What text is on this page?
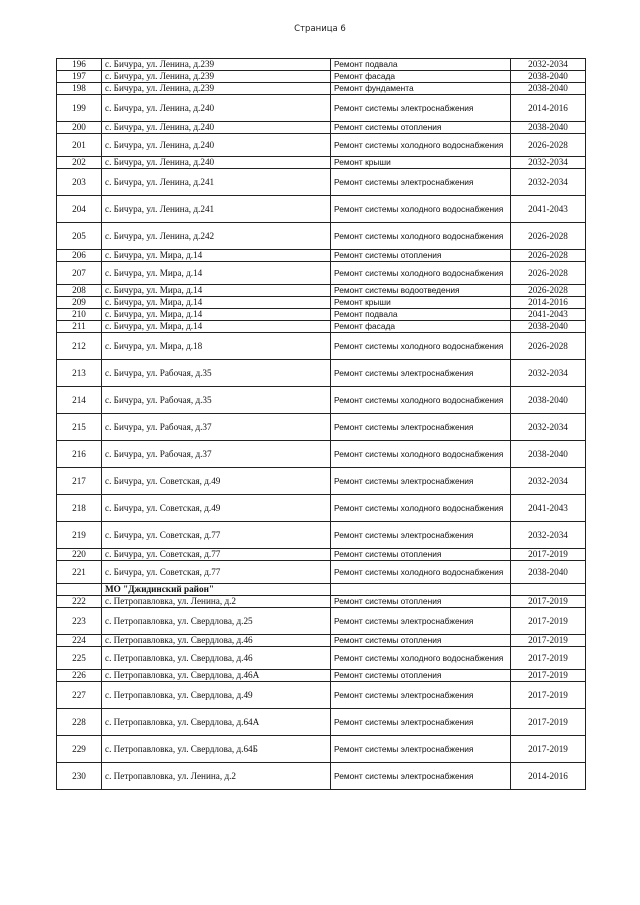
Страница 6
196	с. Бичура, ул. Ленина, д.239	Ремонт подвала	2032-2034
197	с. Бичура, ул. Ленина, д.239	Ремонт фасада	2038-2040
198	с. Бичура, ул. Ленина, д.239	Ремонт фундамента	2038-2040
199	с. Бичура, ул. Ленина, д.240	Ремонт системы электроснабжения	2014-2016
200	с. Бичура, ул. Ленина, д.240	Ремонт системы отопления	2038-2040
201	с. Бичура, ул. Ленина, д.240	Ремонт системы холодного водоснабжения	2026-2028
202	с. Бичура, ул. Ленина, д.240	Ремонт крыши	2032-2034
203	с. Бичура, ул. Ленина, д.241	Ремонт системы электроснабжения	2032-2034
204	с. Бичура, ул. Ленина, д.241	Ремонт системы холодного водоснабжения	2041-2043
205	с. Бичура, ул. Ленина, д.242	Ремонт системы холодного водоснабжения	2026-2028
206	с. Бичура, ул. Мира, д.14	Ремонт системы отопления	2026-2028
207	с. Бичура, ул. Мира, д.14	Ремонт системы холодного водоснабжения	2026-2028
208	с. Бичура, ул. Мира, д.14	Ремонт системы водоотведения	2026-2028
209	с. Бичура, ул. Мира, д.14	Ремонт крыши	2014-2016
210	с. Бичура, ул. Мира, д.14	Ремонт подвала	2041-2043
211	с. Бичура, ул. Мира, д.14	Ремонт фасада	2038-2040
212	с. Бичура, ул. Мира, д.18	Ремонт системы холодного водоснабжения	2026-2028
213	с. Бичура, ул. Рабочая, д.35	Ремонт системы электроснабжения	2032-2034
214	с. Бичура, ул. Рабочая, д.35	Ремонт системы холодного водоснабжения	2038-2040
215	с. Бичура, ул. Рабочая, д.37	Ремонт системы электроснабжения	2032-2034
216	с. Бичура, ул. Рабочая, д.37	Ремонт системы холодного водоснабжения	2038-2040
217	с. Бичура, ул. Советская, д.49	Ремонт системы электроснабжения	2032-2034
218	с. Бичура, ул. Советская, д.49	Ремонт системы холодного водоснабжения	2041-2043
219	с. Бичура, ул. Советская, д.77	Ремонт системы электроснабжения	2032-2034
220	с. Бичура, ул. Советская, д.77	Ремонт системы отопления	2017-2019
221	с. Бичура, ул. Советская, д.77	Ремонт системы холодного водоснабжения	2038-2040
	МО "Джидинский район"		
222	с. Петропавловка, ул. Ленина, д.2	Ремонт системы отопления	2017-2019
223	с. Петропавловка, ул. Свердлова, д.25	Ремонт системы электроснабжения	2017-2019
224	с. Петропавловка, ул. Свердлова, д.46	Ремонт системы отопления	2017-2019
225	с. Петропавловка, ул. Свердлова, д.46	Ремонт системы холодного водоснабжения	2017-2019
226	с. Петропавловка, ул. Свердлова, д.46А	Ремонт системы отопления	2017-2019
227	с. Петропавловка, ул. Свердлова, д.49	Ремонт системы электроснабжения	2017-2019
228	с. Петропавловка, ул. Свердлова, д.64А	Ремонт системы электроснабжения	2017-2019
229	с. Петропавловка, ул. Свердлова, д.64Б	Ремонт системы электроснабжения	2017-2019
230	с. Петропавловка, ул. Ленина, д.2	Ремонт системы электроснабжения	2014-2016
